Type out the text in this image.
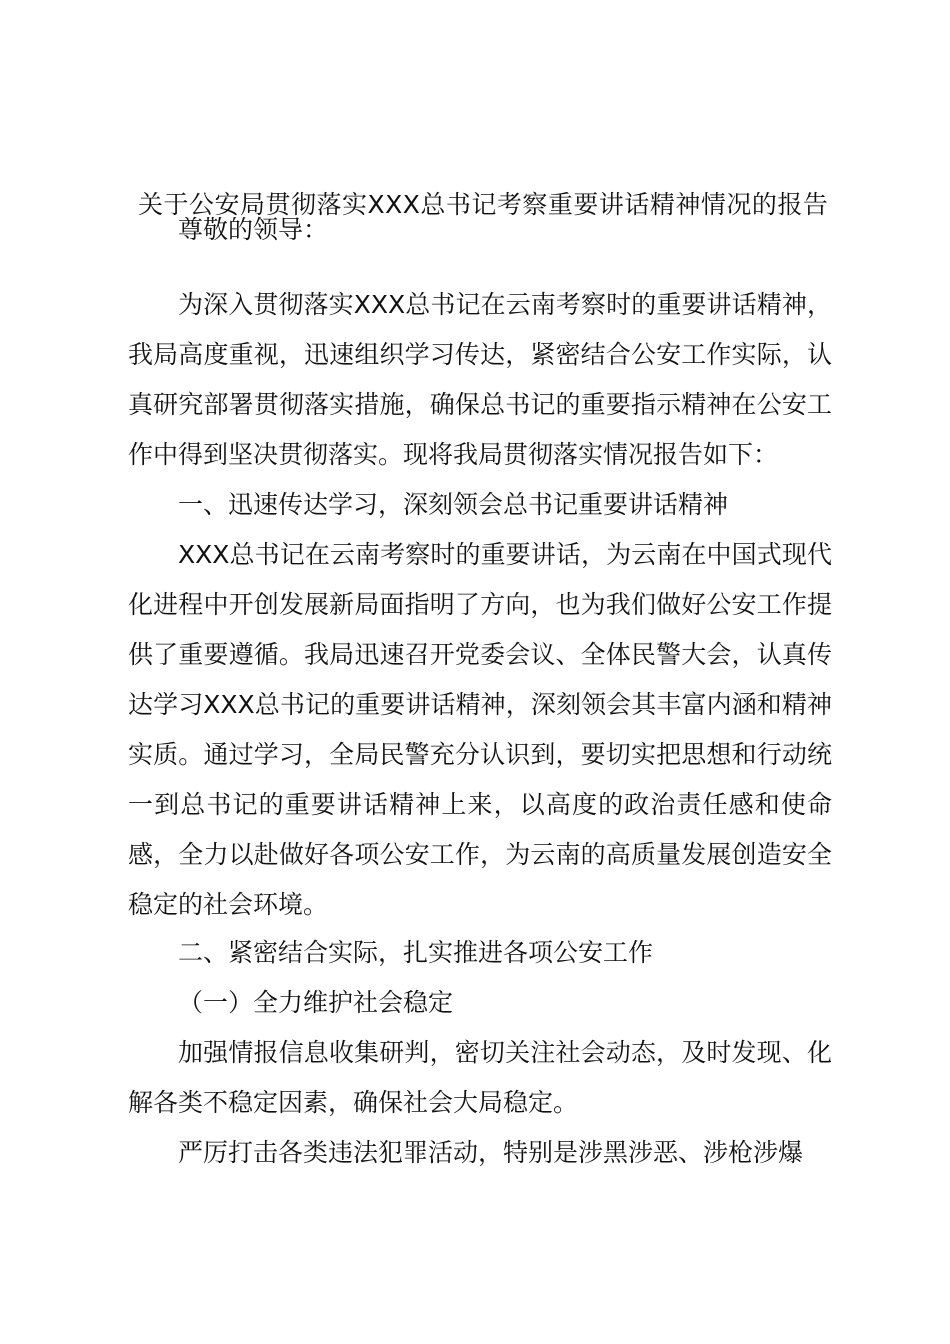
关于公安局贯彻落实XXX总书记考察重要讲话精神情况的报告

尊敬的领导：

为深入贯彻落实XXX总书记在云南考察时的重要讲话精神，我局高度重视，迅速组织学习传达，紧密结合公安工作实际，认真研究部署贯彻落实措施，确保总书记的重要指示精神在公安工作中得到坚决贯彻落实。现将我局贯彻落实情况报告如下：

一、迅速传达学习，深刻领会总书记重要讲话精神

XXX总书记在云南考察时的重要讲话，为云南在中国式现代化进程中开创发展新局面指明了方向，也为我们做好公安工作提供了重要遵循。我局迅速召开党委会议、全体民警大会，认真传达学习XXX总书记的重要讲话精神，深刻领会其丰富内涵和精神实质。通过学习，全局民警充分认识到，要切实把思想和行动统一到总书记的重要讲话精神上来，以高度的政治责任感和使命感，全力以赴做好各项公安工作，为云南的高质量发展创造安全稳定的社会环境。

二、紧密结合实际，扎实推进各项公安工作

（一）全力维护社会稳定

加强情报信息收集研判，密切关注社会动态，及时发现、化解各类不稳定因素，确保社会大局稳定。

严厉打击各类违法犯罪活动，特别是涉黑涉恶、涉枪涉爆
